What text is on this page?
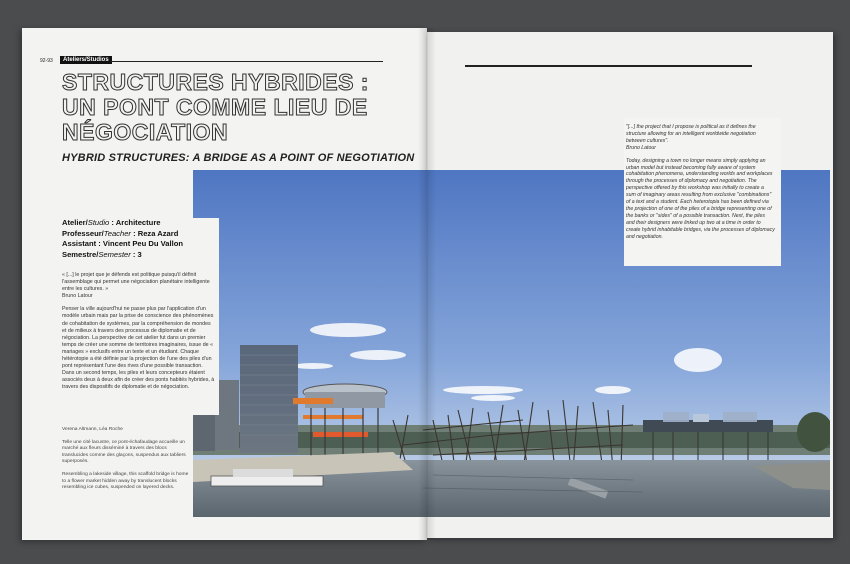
92-93	Ateliers/Studios
STRUCTURES HYBRIDES :
UN PONT COMME LIEU DE
NÉGOCIATION
HYBRID STRUCTURES: A BRIDGE AS A POINT OF NEGOTIATION
Atelier/Studio : Architecture
Professeur/Teacher : Reza Azard
Assistant : Vincent Peu Du Vallon
Semestre/Semester : 3

« [...] le projet que je défends est politique puisqu'il définit l'assemblage qui permet une négociation planétaire intelligente entre les cultures. »
Bruno Latour

Penser la ville aujourd'hui ne passe plus par l'application d'un modèle urbain mais par la prise de conscience des phénomènes de cohabitation de systèmes, par la compréhension de mondes et de milieux à travers des processus de diplomatie et de négociation. La perspective de cet atelier fut dans un premier temps de créer une somme de territoires imaginaires, issue de « mariages » exclusifs entre un texte et un étudiant. Chaque hétérotopie a été définie par la projection de l'une des piles d'un pont représentant l'une des rives d'une possible transaction. Dans un second temps, les piles et leurs concepteurs étaient associés deux à deux afin de créer des ponts habités hybrides, à travers des dispositifs de diplomatie et de négociation.

Verena Altmann, Léa Roche

Telle une cité lacustre, ce pont-échafaudage accueille un marché aux fleurs disséminé à travers des blocs translucides comme des glaçons, suspendus aux tabliers superposés.

Resembling a lakeside village, this scaffold bridge is home to a flower market hidden away by translucent blocks resembling ice cubes, suspended on layered decks.

"[...] the project that I propose is political as it defines the structure allowing for an intelligent worldwide negotiation between cultures".
Bruno Latour

Today, designing a town no longer means simply applying an urban model but instead becoming fully aware of system cohabitation phenomena, understanding worlds and workplaces through the processes of diplomacy and negotiation. The perspective offered by this workshop was initially to create a sum of imaginary areas resulting from exclusive "combinations" of a text and a student. Each heterotopia has been defined via the projection of one of the piles of a bridge representing one of the banks or "sides" of a possible transaction. Next, the piles and their designers were linked up two at a time in order to create hybrid inhabitable bridges, via the processes of diplomacy and negotiation.
